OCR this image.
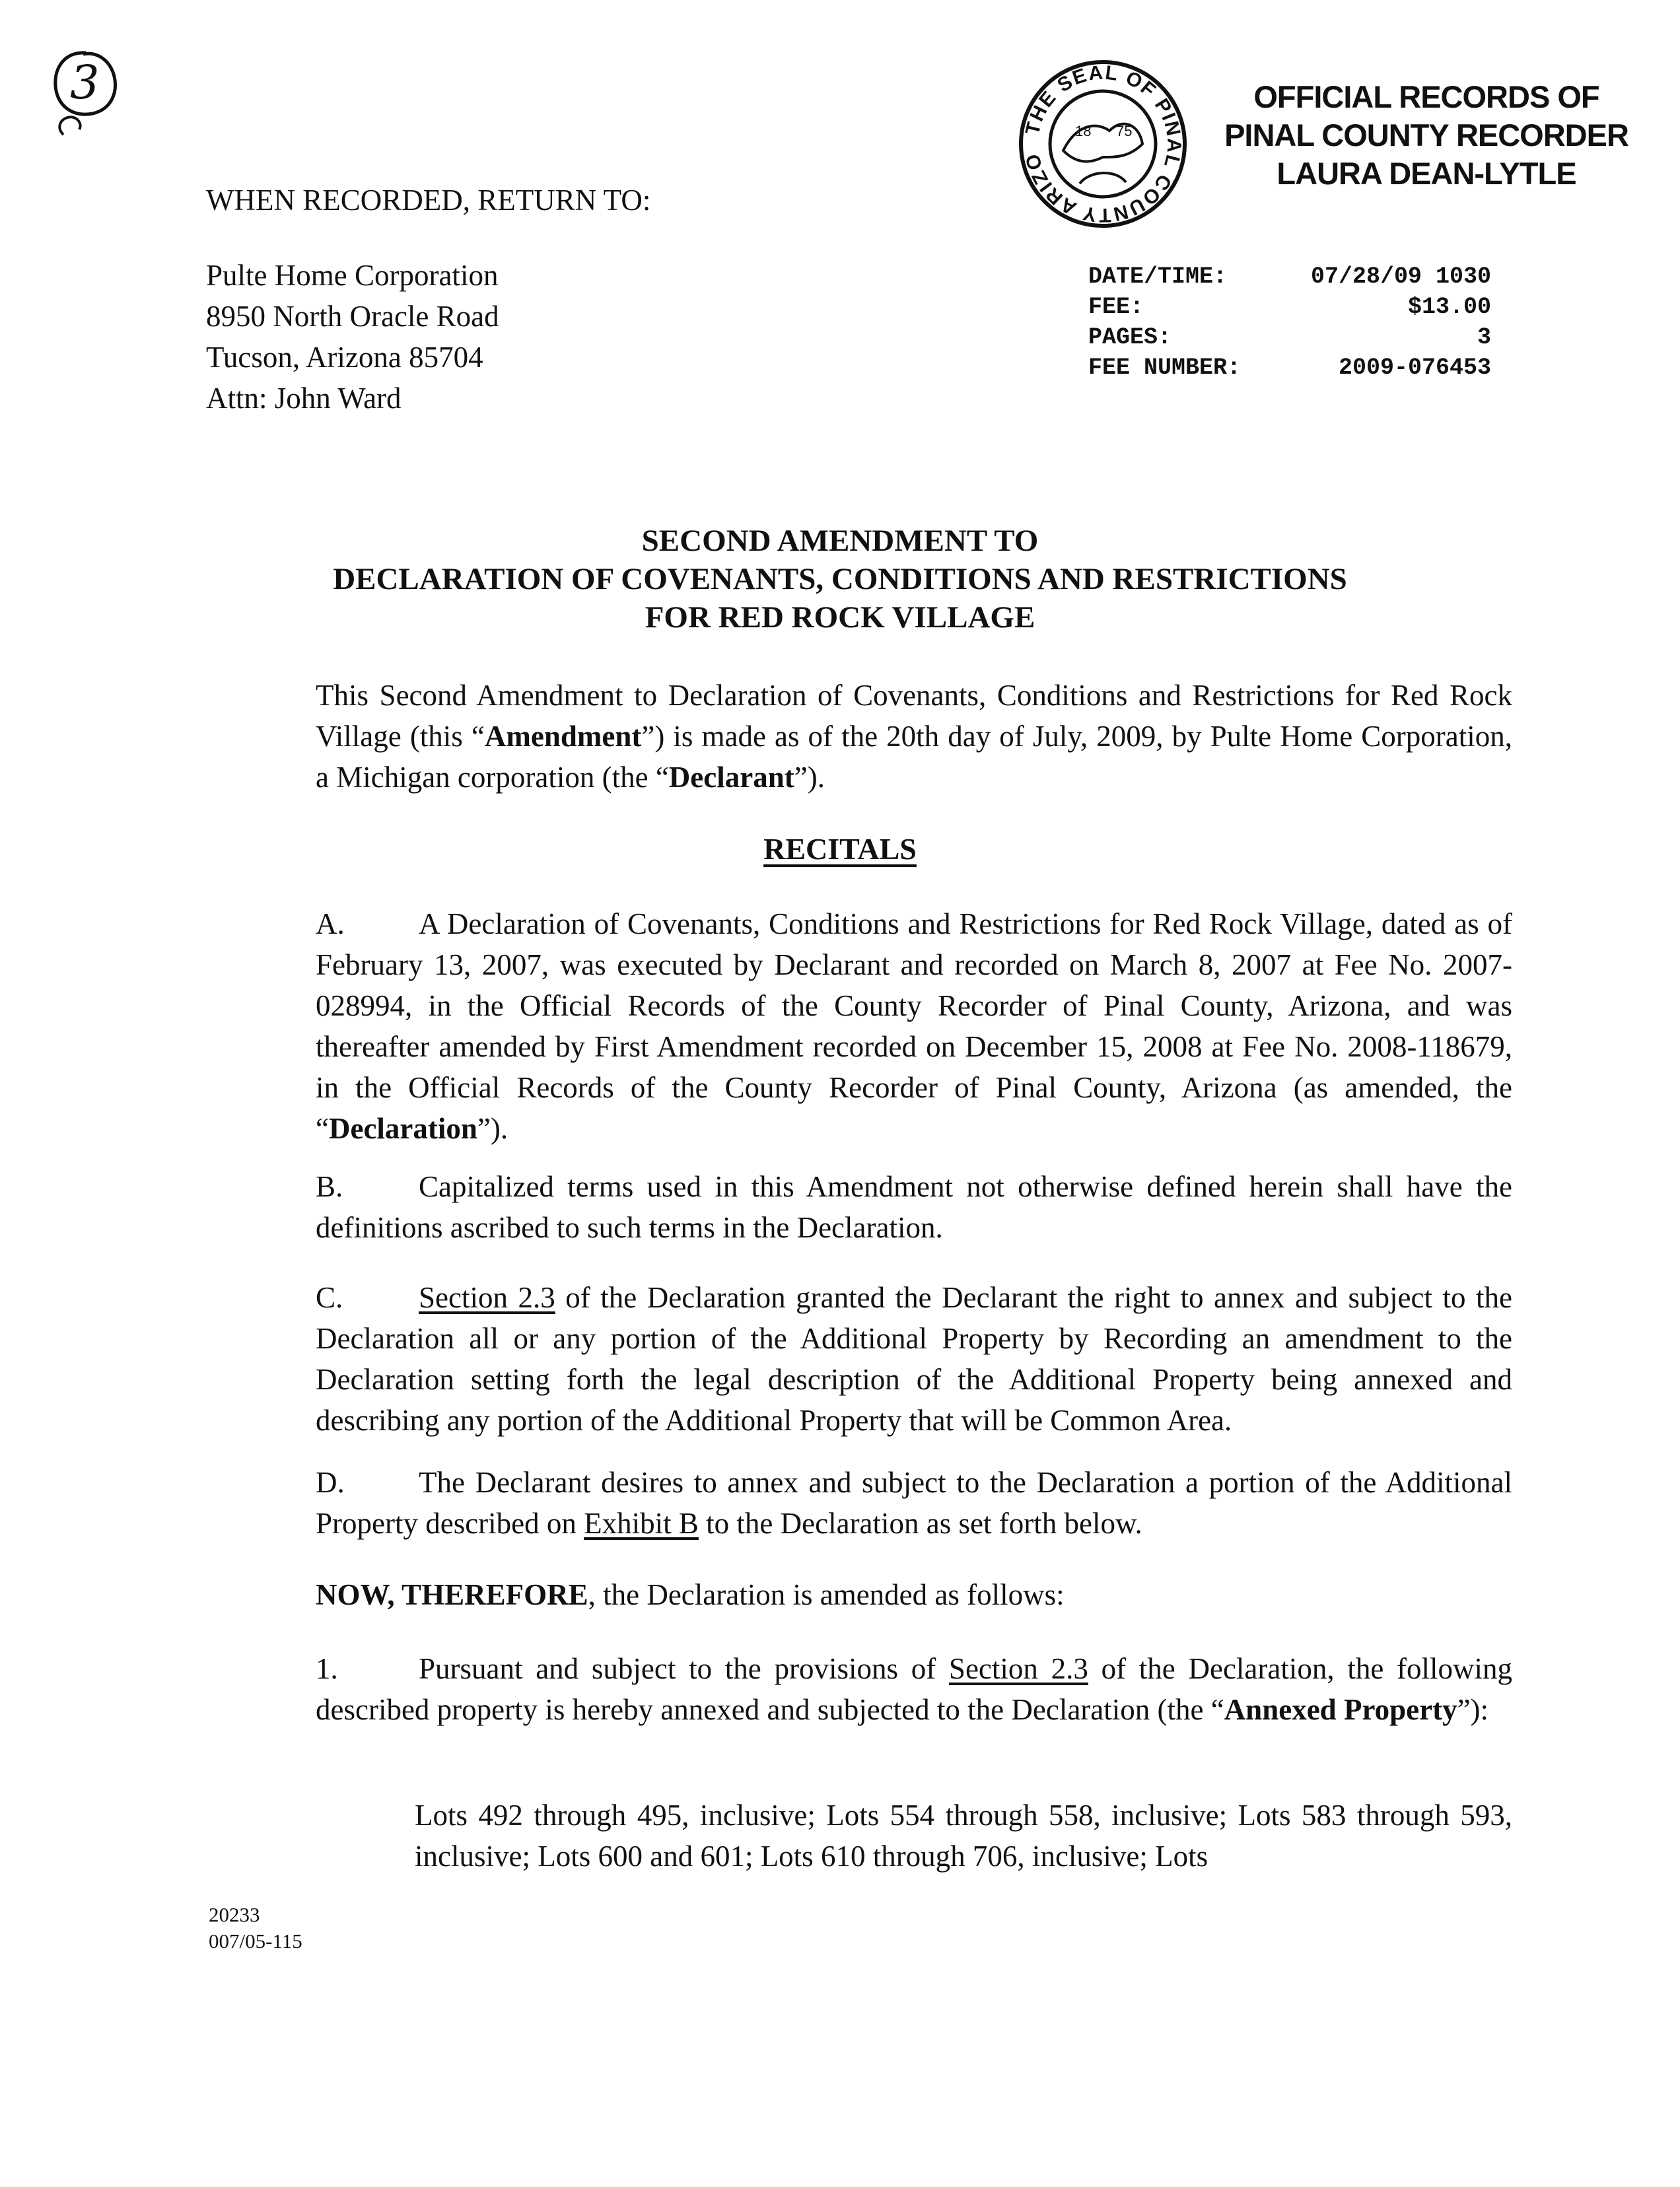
3
WHEN RECORDED, RETURN TO:
Pulte Home Corporation
8950 North Oracle Road
Tucson, Arizona 85704
Attn: John Ward
THE SEAL OF PINAL COUNTY ARIZO
18 75
OFFICIAL RECORDS OF
PINAL COUNTY RECORDER
LAURA DEAN-LYTLE
DATE/TIME:	07/28/09 1030
FEE:	$13.00
PAGES:	3
FEE NUMBER:	2009-076453
SECOND AMENDMENT TO
DECLARATION OF COVENANTS, CONDITIONS AND RESTRICTIONS
FOR RED ROCK VILLAGE
This Second Amendment to Declaration of Covenants, Conditions and Restrictions for Red Rock Village (this “Amendment”) is made as of the 20th day of July, 2009, by Pulte Home Corporation, a Michigan corporation (the “Declarant”).
RECITALS
A. A Declaration of Covenants, Conditions and Restrictions for Red Rock Village, dated as of February 13, 2007, was executed by Declarant and recorded on March 8, 2007 at Fee No. 2007-028994, in the Official Records of the County Recorder of Pinal County, Arizona, and was thereafter amended by First Amendment recorded on December 15, 2008 at Fee No. 2008-118679, in the Official Records of the County Recorder of Pinal County, Arizona (as amended, the “Declaration”).
B.	Capitalized terms used in this Amendment not otherwise defined herein shall have the definitions ascribed to such terms in the Declaration.
C.	Section 2.3 of the Declaration granted the Declarant the right to annex and subject to the Declaration all or any portion of the Additional Property by Recording an amendment to the Declaration setting forth the legal description of the Additional Property being annexed and describing any portion of the Additional Property that will be Common Area.
D. The Declarant desires to annex and subject to the Declaration a portion of the Additional Property described on Exhibit B to the Declaration as set forth below.
NOW, THEREFORE, the Declaration is amended as follows:
1.	Pursuant and subject to the provisions of Section 2.3 of the Declaration, the following described property is hereby annexed and subjected to the Declaration (the “Annexed Property”):
Lots 492 through 495, inclusive; Lots 554 through 558, inclusive; Lots 583 through 593, inclusive; Lots 600 and 601; Lots 610 through 706, inclusive; Lots
20233
007/05-115
